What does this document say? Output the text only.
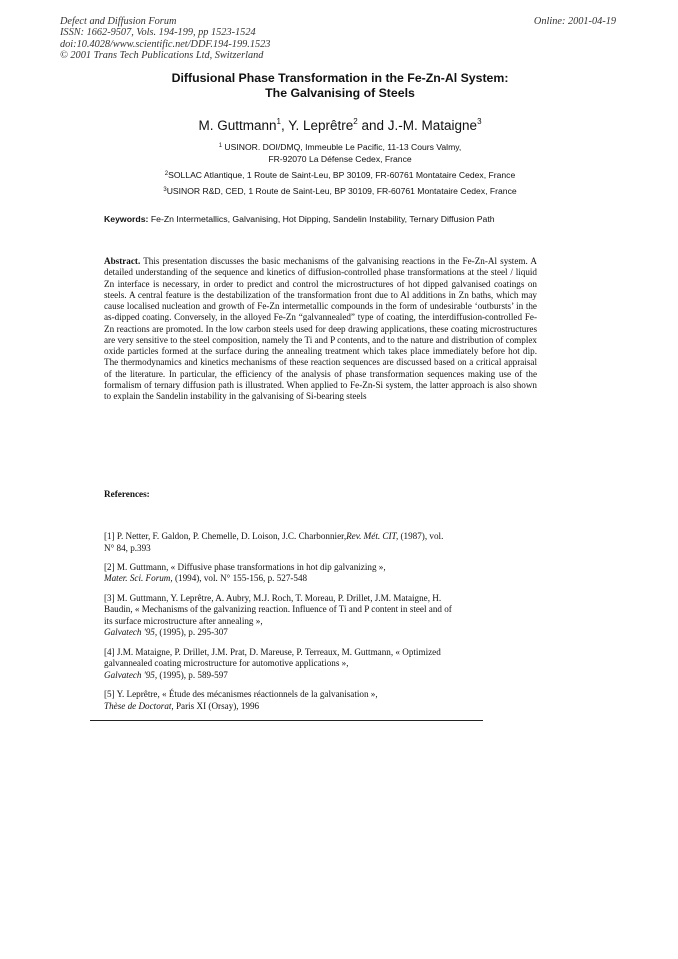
Defect and Diffusion Forum
ISSN: 1662-9507, Vols. 194-199, pp 1523-1524
doi:10.4028/www.scientific.net/DDF.194-199.1523
© 2001 Trans Tech Publications Ltd, Switzerland
Online: 2001-04-19
Diffusional Phase Transformation in the Fe-Zn-Al System:
The Galvanising of Steels
M. Guttmann$^1$, Y. Leprêtre$^2$ and J.-M. Mataigne$^3$
$^1$ USINOR. DOI/DMQ, Immeuble Le Pacific, 11-13 Cours Valmy,
FR-92070 La Défense Cedex, France
$^2$SOLLAC Atlantique, 1 Route de Saint-Leu, BP 30109, FR-60761 Montataire Cedex, France
$^3$USINOR R&D, CED, 1 Route de Saint-Leu, BP 30109, FR-60761 Montataire Cedex, France
Keywords: Fe-Zn Intermetallics, Galvanising, Hot Dipping, Sandelin Instability, Ternary Diffusion Path
Abstract. This presentation discusses the basic mechanisms of the galvanising reactions in the Fe-Zn-Al system. A detailed understanding of the sequence and kinetics of diffusion-controlled phase transformations at the steel / liquid Zn interface is necessary, in order to predict and control the microstructures of hot dipped galvanised coatings on steels. A central feature is the destabilization of the transformation front due to Al additions in Zn baths, which may cause localised nucleation and growth of Fe-Zn intermetallic compounds in the form of undesirable ‘outbursts’ in the as-dipped coating. Conversely, in the alloyed Fe-Zn “galvannealed” type of coating, the interdiffusion-controlled Fe-Zn reactions are promoted. In the low carbon steels used for deep drawing applications, these coating microstructures are very sensitive to the steel composition, namely the Ti and P contents, and to the nature and distribution of complex oxide particles formed at the surface during the annealing treatment which takes place immediately before hot dip. The thermodynamics and kinetics mechanisms of these reaction sequences are discussed based on a critical appraisal of the literature. In particular, the efficiency of the analysis of phase transformation sequences making use of the formalism of ternary diffusion path is illustrated. When applied to Fe-Zn-Si system, the latter approach is also shown to explain the Sandelin instability in the galvanising of Si-bearing steels
References:
[1] P. Netter, F. Galdon, P. Chemelle, D. Loison, J.C. Charbonnier,Rev. Mét. CIT, (1987), vol.
N° 84, p.393
[2] M. Guttmann, « Diffusive phase transformations in hot dip galvanizing »,
Mater. Sci. Forum, (1994), vol. N° 155-156, p. 527-548
[3] M. Guttmann, Y. Leprêtre, A. Aubry, M.J. Roch, T. Moreau, P. Drillet, J.M. Mataigne, H.
Baudin, « Mechanisms of the galvanizing reaction. Influence of Ti and P content in steel and of
its surface microstructure after annealing »,
Galvatech '95, (1995), p. 295-307
[4] J.M. Mataigne, P. Drillet, J.M. Prat, D. Mareuse, P. Terreaux, M. Guttmann, « Optimized
galvannealed coating microstructure for automotive applications »,
Galvatech '95, (1995), p. 589-597
[5] Y. Leprêtre, « Étude des mécanismes réactionnels de la galvanisation »,
Thèse de Doctorat, Paris XI (Orsay), 1996
